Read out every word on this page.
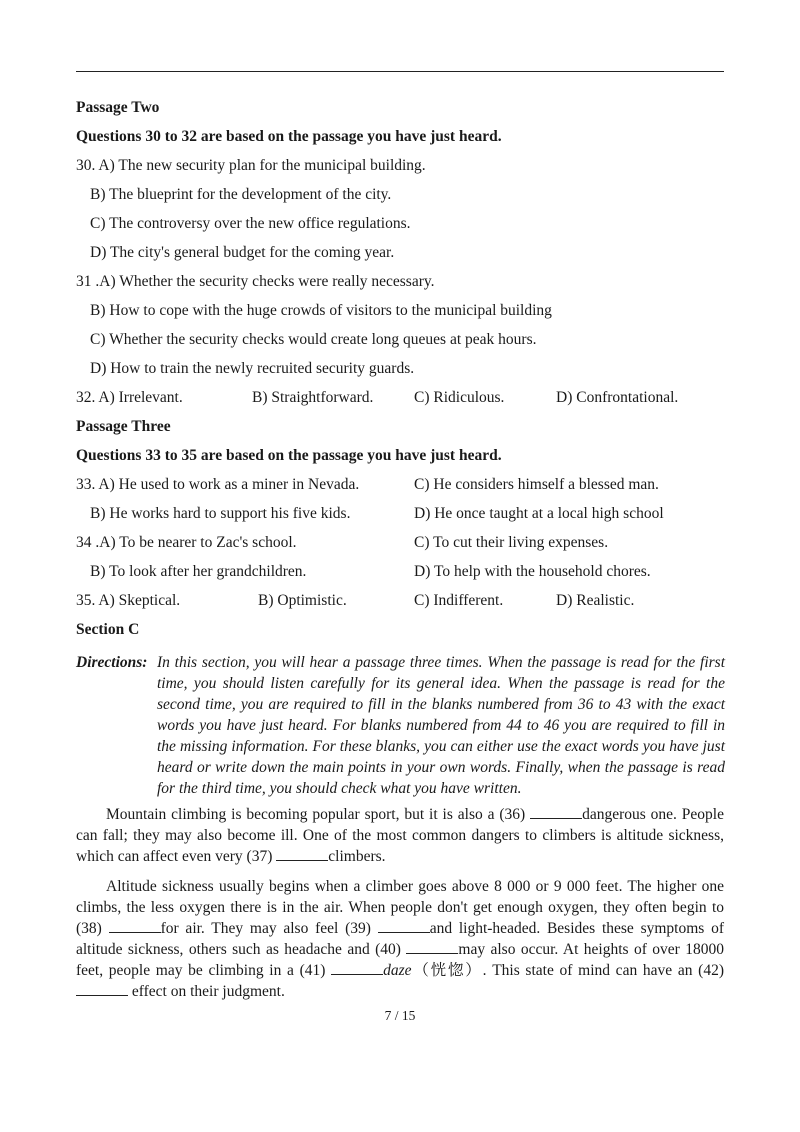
Passage Two
Questions 30 to 32 are based on the passage you have just heard.
30. A) The new security plan for the municipal building.
B) The blueprint for the development of the city.
C) The controversy over the new office regulations.
D) The city's general budget for the coming year.
31 .A) Whether the security checks were really necessary.
B) How to cope with the huge crowds of visitors to the municipal building
C) Whether the security checks would create long queues at peak hours.
D) How to train the newly recruited security guards.
32. A) Irrelevant.	B) Straightforward.	C) Ridiculous.	D) Confrontational.
Passage Three
Questions 33 to 35 are based on the passage you have just heard.
33. A) He used to work as a miner in Nevada.	C) He considers himself a blessed man.
B) He works hard to support his five kids.	D) He once taught at a local high school
34 .A) To be nearer to Zac's school.	C) To cut their living expenses.
B) To look after her grandchildren.	D) To help with the household chores.
35. A) Skeptical.	B) Optimistic.	C) Indifferent.	D) Realistic.
Section C
Directions: In this section, you will hear a passage three times. When the passage is read for the first time, you should listen carefully for its general idea. When the passage is read for the second time, you are required to fill in the blanks numbered from 36 to 43 with the exact words you have just heard. For blanks numbered from 44 to 46 you are required to fill in the missing information. For these blanks, you can either use the exact words you have just heard or write down the main points in your own words. Finally, when the passage is read for the third time, you should check what you have written.
Mountain climbing is becoming popular sport, but it is also a (36)	dangerous one. People can fall; they may also become ill. One of the most common dangers to climbers is altitude sickness, which can affect even very (37)	climbers.
Altitude sickness usually begins when a climber goes above 8 000 or 9 000 feet. The higher one climbs, the less oxygen there is in the air. When people don't get enough oxygen, they often begin to (38)	for air. They may also feel (39)	and light-headed. Besides these symptoms of altitude sickness, others such as headache and (40)	may also occur. At heights of over 18000 feet, people may be climbing in a (41)	daze（恍惚）. This state of mind can have an (42)  effect on their judgment.
7 / 15
